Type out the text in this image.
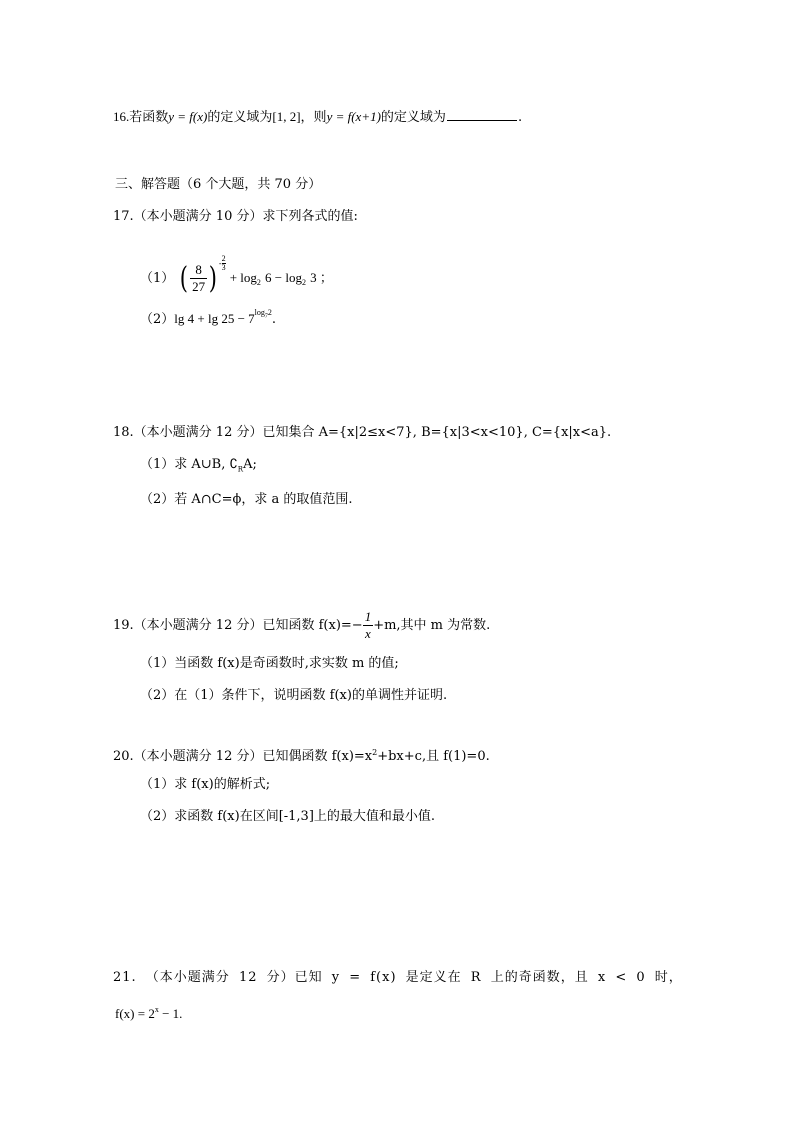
16.若函数y = f(x)的定义域为[1, 2]，则y = f(x+1)的定义域为	.
三、解答题（6 个大题，共 70 分）
17.（本小题满分 10 分）求下列各式的值:
（1） ( $\frac{8}{27}$ ) - $\frac{2}{3}$
+ $\log_2 6 - \log_2 3$ ；
（2）lg $4 + \lg 25 - 7^{log_72}$.
18.（本小题满分 12 分）已知集合 A={x|2≤x<7}, B={x|3<x<10}, C={x|x<a}.
（1）求 A∪B, $∁_RA$;
（2）若 A∩C=ϕ，求 a 的取值范围.
19.（本小题满分 12 分）已知函数 $f(x)=- \frac{1}{x} +m$,其中 m 为常数.
（1）当函数 f(x)是奇函数时,求实数 m 的值;
（2）在（1）条件下，说明函数 f(x)的单调性并证明.
20.（本小题满分 12 分）已知偶函数 $f(x)=x^2+bx+c$,且 f(1)=0.
（1）求 f(x)的解析式;
（2）求函数 f(x)在区间[-1,3]上的最大值和最小值.
21. （本小题满分 12 分）已知 y = f(x) 是定义在 R 上的奇函数，且 x < 0 时，
$f(x) = 2^x - 1$.
